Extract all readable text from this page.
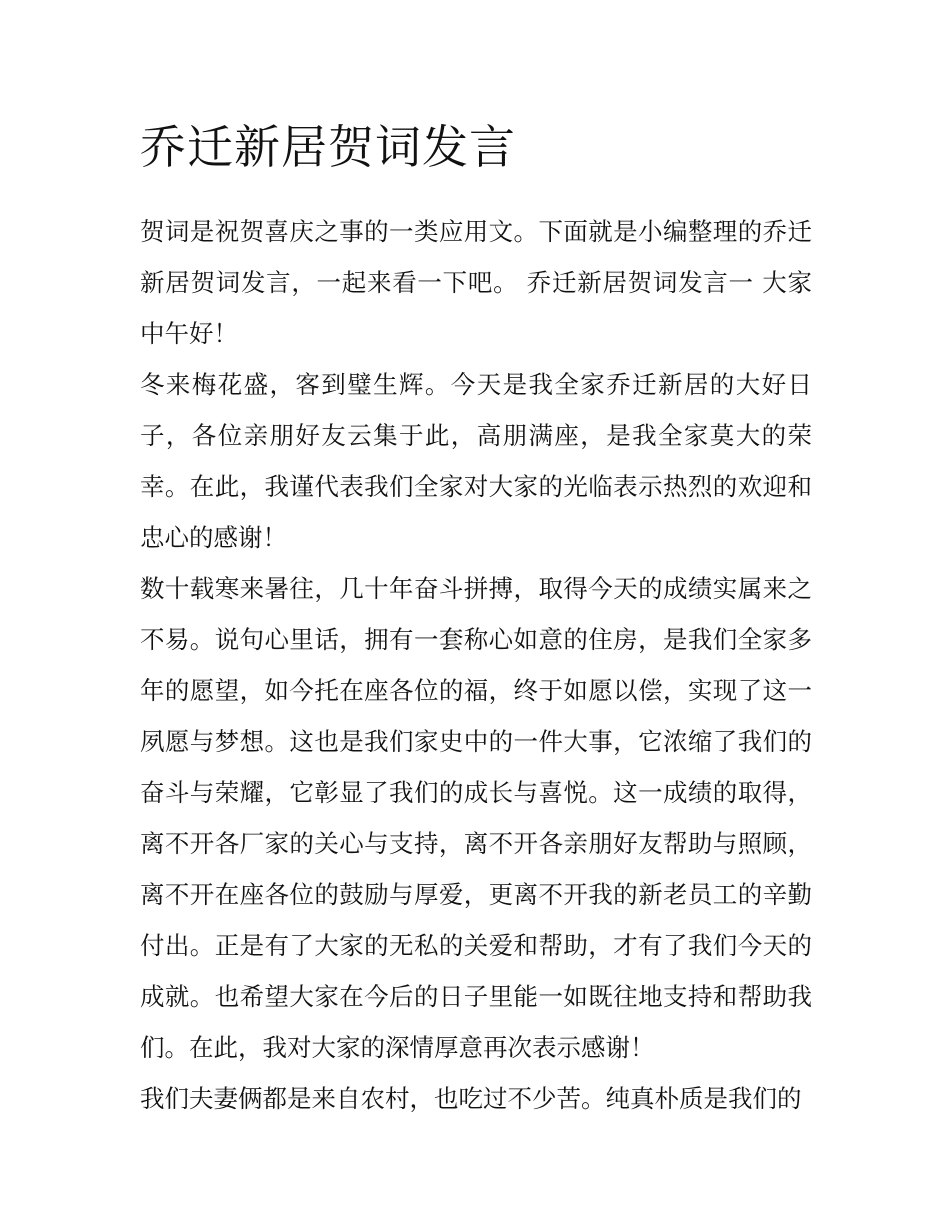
乔迁新居贺词发言

贺词是祝贺喜庆之事的一类应用文。下面就是小编整理的乔迁新居贺词发言，一起来看一下吧。 乔迁新居贺词发言一 大家中午好！

冬来梅花盛，客到璧生辉。今天是我全家乔迁新居的大好日子，各位亲朋好友云集于此，高朋满座，是我全家莫大的荣幸。在此，我谨代表我们全家对大家的光临表示热烈的欢迎和忠心的感谢！

数十载寒来暑往，几十年奋斗拼搏，取得今天的成绩实属来之不易。说句心里话，拥有一套称心如意的住房，是我们全家多年的愿望，如今托在座各位的福，终于如愿以偿，实现了这一夙愿与梦想。这也是我们家史中的一件大事，它浓缩了我们的奋斗与荣耀，它彰显了我们的成长与喜悦。这一成绩的取得，离不开各厂家的关心与支持，离不开各亲朋好友帮助与照顾，离不开在座各位的鼓励与厚爱，更离不开我的新老员工的辛勤付出。正是有了大家的无私的关爱和帮助，才有了我们今天的成就。也希望大家在今后的日子里能一如既往地支持和帮助我们。在此，我对大家的深情厚意再次表示感谢！

我们夫妻俩都是来自农村，也吃过不少苦。纯真朴质是我们的
